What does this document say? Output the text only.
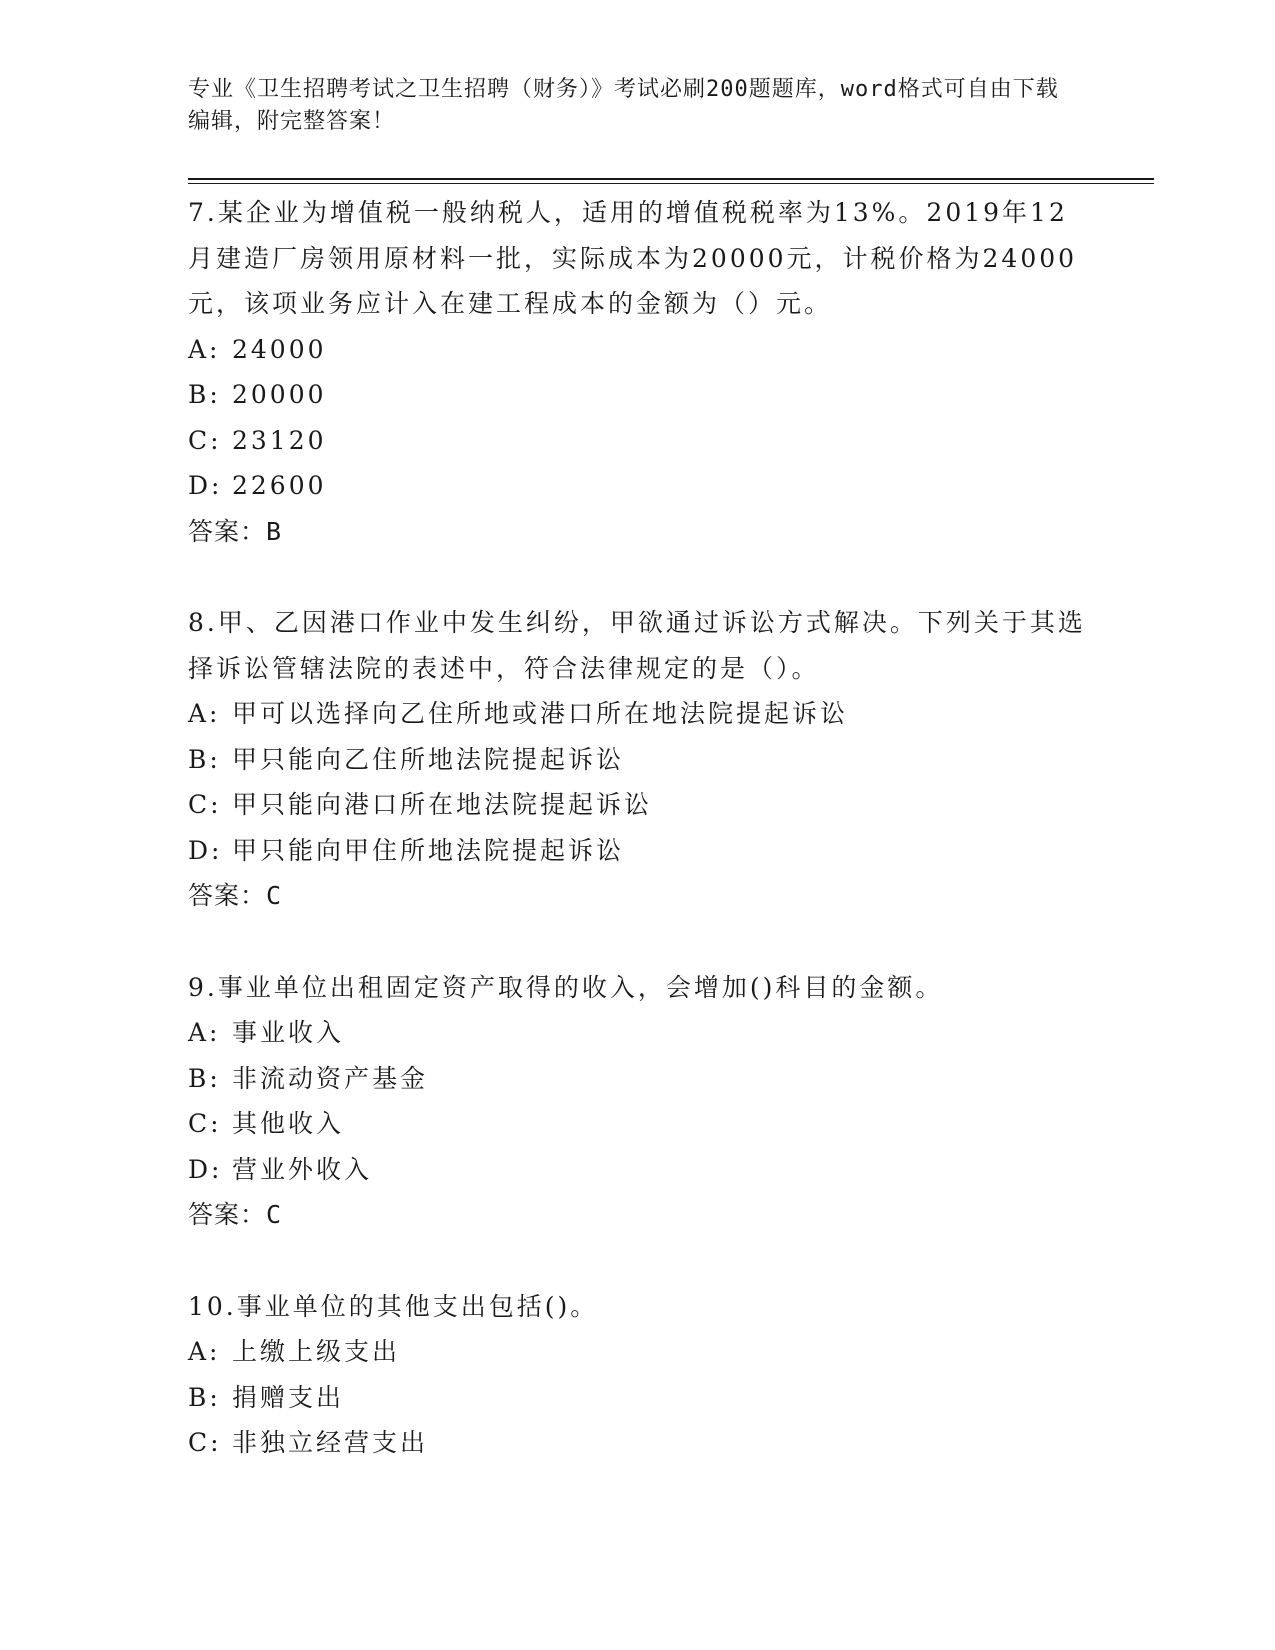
专业《卫生招聘考试之卫生招聘（财务）》考试必刷200题题库，word格式可自由下载编辑，附完整答案！

7.某企业为增值税一般纳税人，适用的增值税税率为13%。2019年12月建造厂房领用原材料一批，实际成本为20000元，计税价格为24000元，该项业务应计入在建工程成本的金额为（）元。

A: 24000
B: 20000
C: 23120
D: 22600

答案：B

8.甲、乙因港口作业中发生纠纷，甲欲通过诉讼方式解决。下列关于其选择诉讼管辖法院的表述中，符合法律规定的是（）。

A: 甲可以选择向乙住所地或港口所在地法院提起诉讼
B: 甲只能向乙住所地法院提起诉讼
C: 甲只能向港口所在地法院提起诉讼
D: 甲只能向甲住所地法院提起诉讼

答案：C

9.事业单位出租固定资产取得的收入，会增加()科目的金额。

A: 事业收入
B: 非流动资产基金
C: 其他收入
D: 营业外收入

答案：C

10.事业单位的其他支出包括()。

A: 上缴上级支出
B: 捐赠支出
C: 非独立经营支出
